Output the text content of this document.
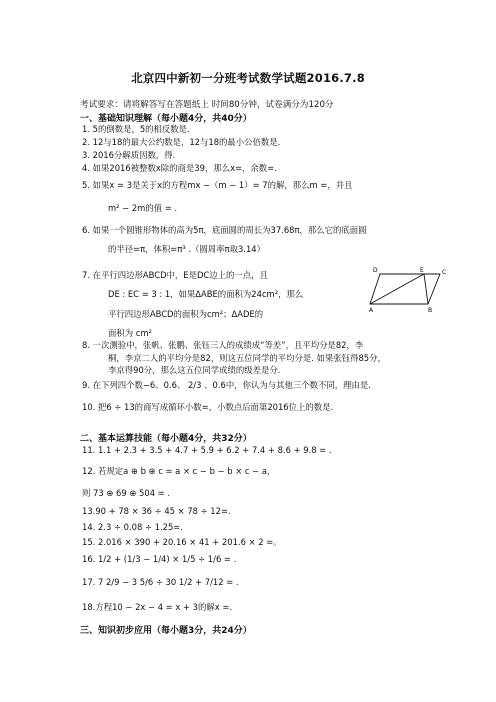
北京四中新初一分班考试数学试题2016.7.8
考试要求：请将解答写在答题纸上 时间80分钟，试卷满分为120分
一、基础知识理解（每小题4分，共40分）
1. 5的倒数是，5的相反数是.
2. 12与18的最大公约数是，12与18的最小公倍数是.
3. 2016分解质因数，得.
4. 如果2016被整数x除的商是39，那么x=，余数=.
5. 如果x = 3是关于x的方程mx −（m − 1）= 7的解，那么m =，并且
m² − 2m的值 = .
6. 如果一个圆锥形物体的高为5π，底面圆的周长为37.68π，那么它的底面圆
的半径=π，体积=π³ .（圆周率π取3.14）
7. 在平行四边形ABCD中，E是DC边上的一点，且
DE : EC = 3 : 1，如果ΔABE的面积为24cm²，那么
平行四边形ABCD的面积为cm²；ΔADE的
面积为 cm²
D	E	C
A	B
8. 一次测验中，张帆、张鹏、张钰三人的成绩成“等差”，且平均分是82，李
桐，李京二人的平均分是82，则这五位同学的平均分是. 如果张钰得85分，
李京得90分，那么这五位同学成绩的级差是分.
9. 在下列四个数−6、0.6、 2/3 、0.6中，你认为与其他三个数不同，理由是.
10. 把6 ÷ 13的商写成循环小数=，小数点后面第2016位上的数是.
二、基本运算技能（每小题4分，共32分）
11. 1.1 + 2.3 + 3.5 + 4.7 + 5.9 + 6.2 + 7.4 + 8.6 + 9.8 = .
12. 若规定a ⊕ b ⊕ c = a × c − b − b × c − a，
则 73 ⊕ 69 ⊕ 504 = .
13.90 + 78 × 36 ÷ 45 × 78 ÷ 12=.
14. 2.3 ÷ 0.08 ÷ 1.25=.
15. 2.016 × 390 + 20.16 × 41 + 201.6 × 2 =。
16. 1/2 + (1/3 − 1/4) × 1/5 ÷ 1/6 = .
17. 7 2/9 − 3 5/6 ÷ 30 1/2 + 7/12 = .
18.方程10 − 2x − 4 = x + 3的解x =.
三、知识初步应用（每小题3分，共24分）
